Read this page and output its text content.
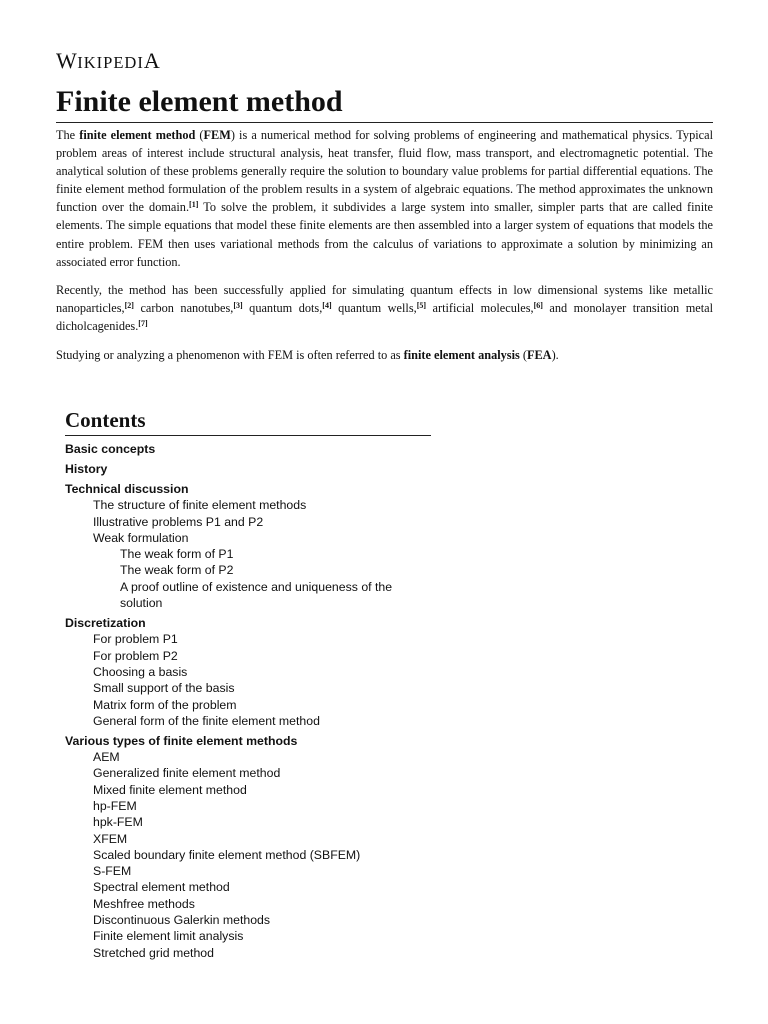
WIKIPEDIA
Finite element method

The finite element method (FEM) is a numerical method for solving problems of engineering and mathematical physics. Typical problem areas of interest include structural analysis, heat transfer, fluid flow, mass transport, and electromagnetic potential. The analytical solution of these problems generally require the solution to boundary value problems for partial differential equations. The finite element method formulation of the problem results in a system of algebraic equations. The method approximates the unknown function over the domain.[1] To solve the problem, it subdivides a large system into smaller, simpler parts that are called finite elements. The simple equations that model these finite elements are then assembled into a larger system of equations that models the entire problem. FEM then uses variational methods from the calculus of variations to approximate a solution by minimizing an associated error function.

Recently, the method has been successfully applied for simulating quantum effects in low dimensional systems like metallic nanoparticles,[2] carbon nanotubes,[3] quantum dots,[4] quantum wells,[5] artificial molecules,[6] and monolayer transition metal dicholcagenides.[7]

Studying or analyzing a phenomenon with FEM is often referred to as finite element analysis (FEA).

Contents
Basic concepts
History
Technical discussion
The structure of finite element methods
Illustrative problems P1 and P2
Weak formulation
The weak form of P1
The weak form of P2
A proof outline of existence and uniqueness of the solution
Discretization
For problem P1
For problem P2
Choosing a basis
Small support of the basis
Matrix form of the problem
General form of the finite element method
Various types of finite element methods
AEM
Generalized finite element method
Mixed finite element method
hp-FEM
hpk-FEM
XFEM
Scaled boundary finite element method (SBFEM)
S-FEM
Spectral element method
Meshfree methods
Discontinuous Galerkin methods
Finite element limit analysis
Stretched grid method
